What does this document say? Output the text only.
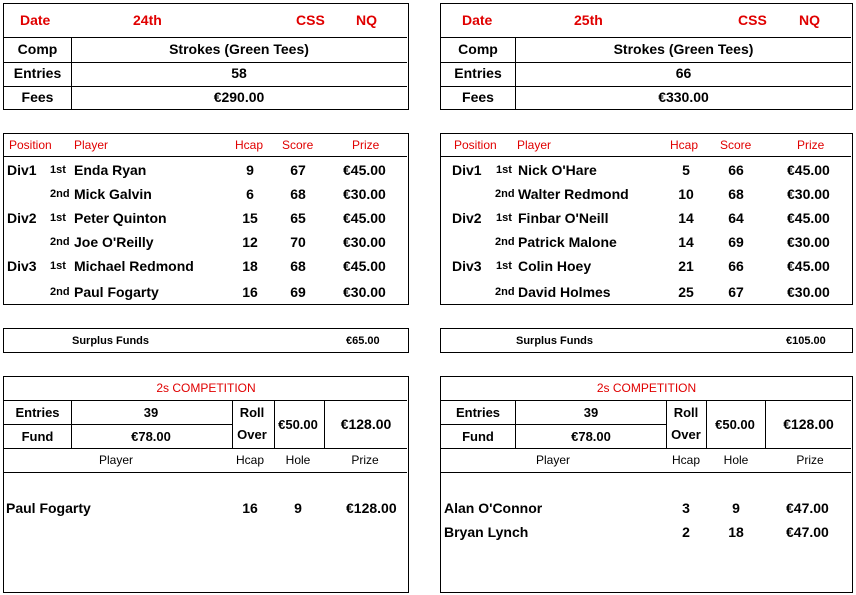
Date	24th	CSS NQ
Comp	Strokes (Green Tees)
Entries	58
Fees	€290.00
Position Player	Hcap Score	Prize
Div1 1st Enda Ryan	9	67	€45.00
2nd Mick Galvin	6	68	€30.00
Div2 1st Peter Quinton	15	65	€45.00
2nd Joe O'Reilly	12	70	€30.00
Div3 1st Michael Redmond	18	68	€45.00
2nd Paul Fogarty	16	69	€30.00
Surplus Funds	€65.00
2s COMPETITION
Entries	39
Fund	€78.00
Roll
Over
€50.00	€128.00
Player	Hcap	Hole	Prize
Paul Fogarty	16	9	€128.00
Date	25th	CSS NQ
Comp	Strokes (Green Tees)
Entries	66
Fees	€330.00
Position Player	Hcap Score	Prize
Div1 1st Nick O'Hare	5	66	€45.00
2nd Walter Redmond	10	68	€30.00
Div2 1st Finbar O'Neill	14	64	€45.00
2nd Patrick Malone	14	69	€30.00
Div3 1st Colin Hoey	21	66	€45.00
2nd David Holmes	25	67	€30.00
Surplus Funds	€105.00
2s COMPETITION
Entries	39
Fund	€78.00
Roll
Over
€50.00	€128.00
Player	Hcap	Hole	Prize
Alan O'Connor	3	9	€47.00
Bryan Lynch	2	18	€47.00
